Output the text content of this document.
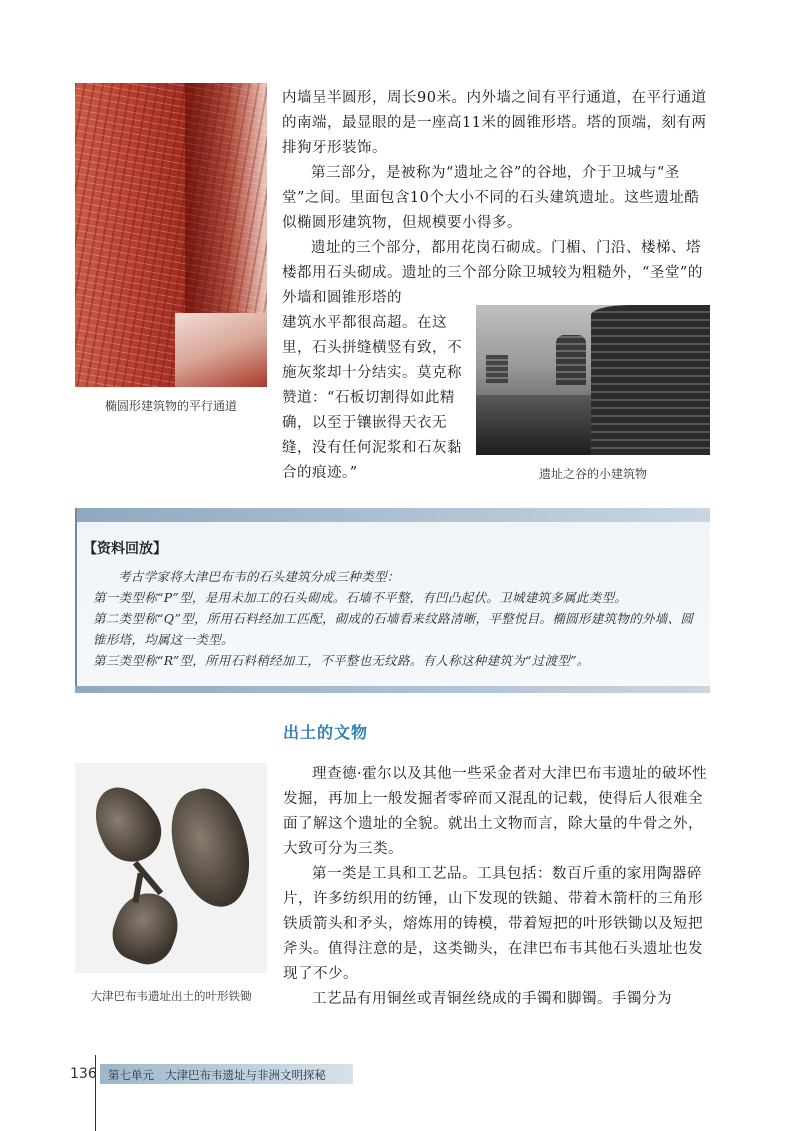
椭圆形建筑物的平行通道

内墙呈半圆形，周长90米。内外墙之间有平行通道，在平行通道的南端，最显眼的是一座高11米的圆锥形塔。塔的顶端，刻有两排狗牙形装饰。

第三部分，是被称为“遗址之谷”的谷地，介于卫城与“圣堂”之间。里面包含10个大小不同的石头建筑遗址。这些遗址酷似椭圆形建筑物，但规模要小得多。

遗址的三个部分，都用花岗石砌成。门楣、门沿、楼梯、塔楼都用石头砌成。遗址的三个部分除卫城较为粗糙外，“圣堂”的外墙和圆锥形塔的

建筑水平都很高超。在这里，石头拼缝横竖有致，不施灰浆却十分结实。莫克称赞道：“石板切割得如此精确，以至于镶嵌得天衣无缝，没有任何泥浆和石灰黏合的痕迹。”	遗址之谷的小建筑物
【资料回放】

考古学家将大津巴布韦的石头建筑分成三种类型：

第一类型称“P”型，是用未加工的石头砌成。石墙不平整，有凹凸起伏。卫城建筑多属此类型。

第二类型称“Q”型，所用石料经加工匹配，砌成的石墙看来纹路清晰，平整悦目。椭圆形建筑物的外墙、圆锥形塔，均属这一类型。

第三类型称“R”型，所用石料稍经加工，不平整也无纹路。有人称这种建筑为“过渡型”。

出土的文物
大津巴布韦遗址出土的叶形铁锄

理查德·霍尔以及其他一些采金者对大津巴布韦遗址的破坏性发掘，再加上一般发掘者零碎而又混乱的记载，使得后人很难全面了解这个遗址的全貌。就出土文物而言，除大量的牛骨之外，大致可分为三类。

第一类是工具和工艺品。工具包括：数百斤重的家用陶器碎片，许多纺织用的纺锤，山下发现的铁鎚、带着木箭杆的三角形铁质箭头和矛头，熔炼用的铸模，带着短把的叶形铁锄以及短把斧头。值得注意的是，这类锄头，在津巴布韦其他石头遗址也发现了不少。

工艺品有用铜丝或青铜丝绕成的手镯和脚镯。手镯分为

136 第七单元 大津巴布韦遗址与非洲文明探秘
